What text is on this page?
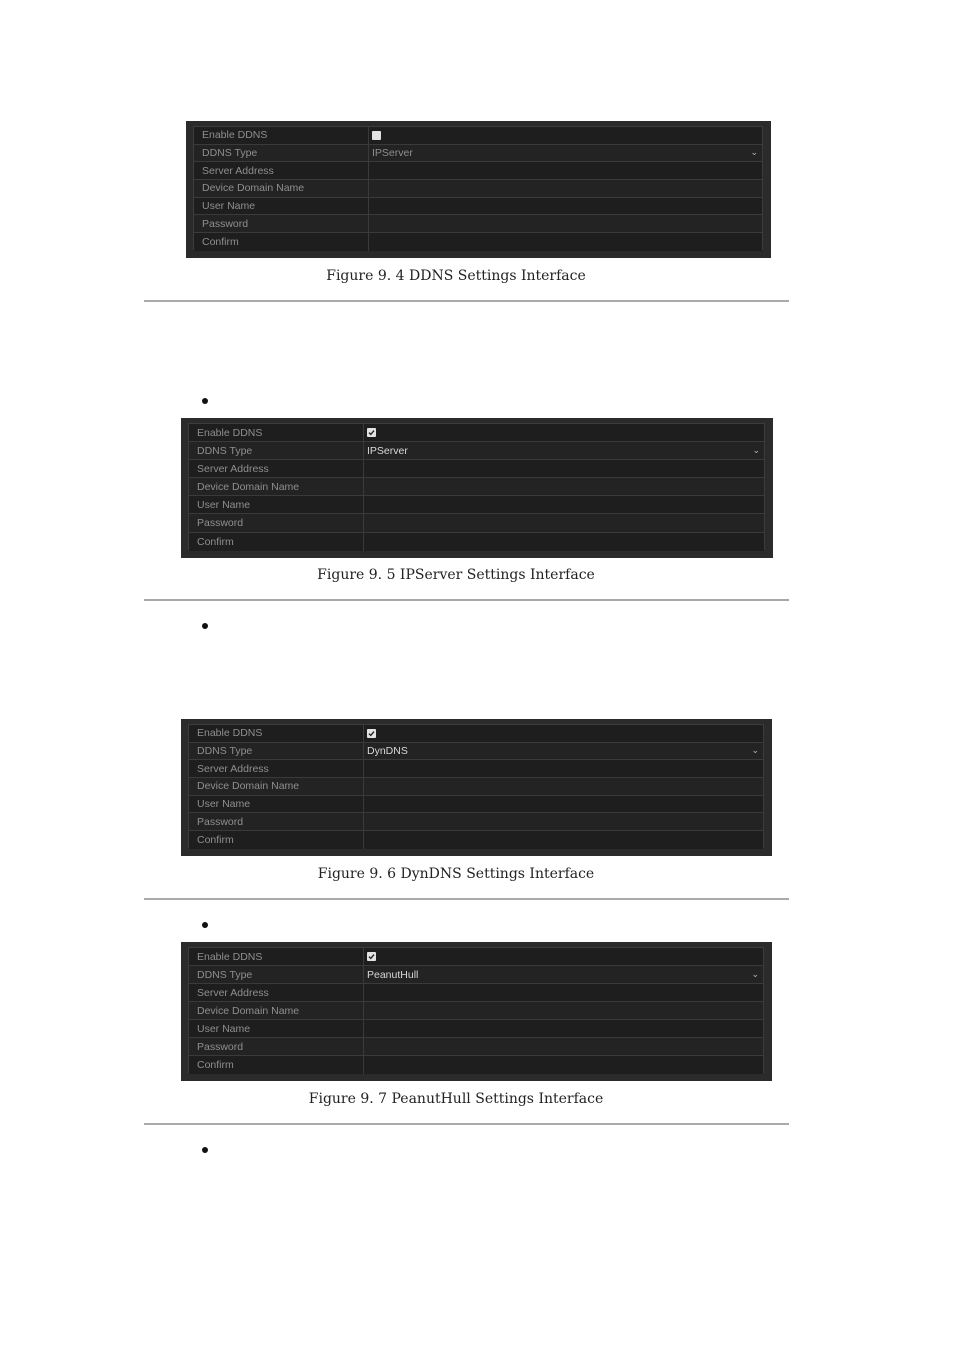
Enable DDNS
DDNS Type	IPServer	⌄
Server Address
Device Domain Name
User Name
Password
Confirm
Figure 9. 4 DDNS Settings Interface
Enable DDNS
DDNS Type	IPServer	⌄
Server Address
Device Domain Name
User Name
Password
Confirm
Figure 9. 5 IPServer Settings Interface
Enable DDNS
DDNS Type	DynDNS	⌄
Server Address
Device Domain Name
User Name
Password
Confirm
Figure 9. 6 DynDNS Settings Interface
Enable DDNS
DDNS Type	PeanutHull	⌄
Server Address
Device Domain Name
User Name
Password
Confirm
Figure 9. 7 PeanutHull Settings Interface
